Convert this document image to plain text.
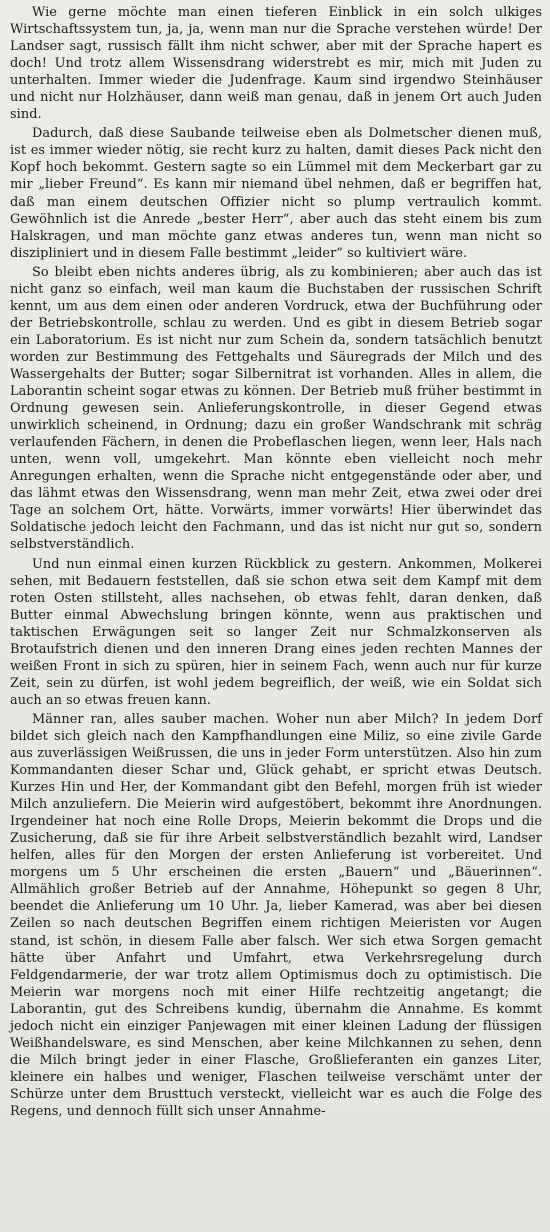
Wie gerne möchte man einen tieferen Einblick in ein solch ulkiges Wirtschaftssystem tun, ja, ja, wenn man nur die Sprache verstehen würde! Der Landser sagt, russisch fällt ihm nicht schwer, aber mit der Sprache hapert es doch! Und trotz allem Wissensdrang widerstrebt es mir, mich mit Juden zu unterhalten. Immer wieder die Judenfrage. Kaum sind irgendwo Steinhäuser und nicht nur Holzhäuser, dann weiß man genau, daß in jenem Ort auch Juden sind.

Dadurch, daß diese Saubande teilweise eben als Dolmetscher dienen muß, ist es immer wieder nötig, sie recht kurz zu halten, damit dieses Pack nicht den Kopf hoch bekommt. Gestern sagte so ein Lümmel mit dem Meckerbart gar zu mir „lieber Freund“. Es kann mir niemand übel nehmen, daß er begriffen hat, daß man einem deutschen Offizier nicht so plump vertraulich kommt. Gewöhnlich ist die Anrede „bester Herr“, aber auch das steht einem bis zum Halskragen, und man möchte ganz etwas anderes tun, wenn man nicht so diszipliniert und in diesem Falle bestimmt „leider“ so kultiviert wäre.

So bleibt eben nichts anderes übrig, als zu kombinieren; aber auch das ist nicht ganz so einfach, weil man kaum die Buchstaben der russischen Schrift kennt, um aus dem einen oder anderen Vordruck, etwa der Buchführung oder der Betriebskontrolle, schlau zu werden. Und es gibt in diesem Betrieb sogar ein Laboratorium. Es ist nicht nur zum Schein da, sondern tatsächlich benutzt worden zur Bestimmung des Fettgehalts und Säuregrads der Milch und des Wassergehalts der Butter; sogar Silbernitrat ist vorhanden. Alles in allem, die Laborantin scheint sogar etwas zu können. Der Betrieb muß früher bestimmt in Ordnung gewesen sein. Anlieferungskontrolle, in dieser Gegend etwas unwirklich scheinend, in Ordnung; dazu ein großer Wandschrank mit schräg verlaufenden Fächern, in denen die Probeflaschen liegen, wenn leer, Hals nach unten, wenn voll, umgekehrt. Man könnte eben vielleicht noch mehr Anregungen erhalten, wenn die Sprache nicht entgegenstände oder aber, und das lähmt etwas den Wissensdrang, wenn man mehr Zeit, etwa zwei oder drei Tage an solchem Ort, hätte. Vorwärts, immer vorwärts! Hier überwindet das Soldatische jedoch leicht den Fachmann, und das ist nicht nur gut so, sondern selbstverständlich.

Und nun einmal einen kurzen Rückblick zu gestern. Ankommen, Molkerei sehen, mit Bedauern feststellen, daß sie schon etwa seit dem Kampf mit dem roten Osten stillsteht, alles nachsehen, ob etwas fehlt, daran denken, daß Butter einmal Abwechslung bringen könnte, wenn aus praktischen und taktischen Erwägungen seit so langer Zeit nur Schmalzkonserven als Brotaufstrich dienen und den inneren Drang eines jeden rechten Mannes der weißen Front in sich zu spüren, hier in seinem Fach, wenn auch nur für kurze Zeit, sein zu dürfen, ist wohl jedem begreiflich, der weiß, wie ein Soldat sich auch an so etwas freuen kann.

Männer ran, alles sauber machen. Woher nun aber Milch? In jedem Dorf bildet sich gleich nach den Kampfhandlungen eine Miliz, so eine zivile Garde aus zuverlässigen Weißrussen, die uns in jeder Form unterstützen. Also hin zum Kommandanten dieser Schar und, Glück gehabt, er spricht etwas Deutsch. Kurzes Hin und Her, der Kommandant gibt den Befehl, morgen früh ist wieder Milch anzuliefern. Die Meierin wird aufgestöbert, bekommt ihre Anordnungen. Irgendeiner hat noch eine Rolle Drops, Meierin bekommt die Drops und die Zusicherung, daß sie für ihre Arbeit selbstverständlich bezahlt wird, Landser helfen, alles für den Morgen der ersten Anlieferung ist vorbereitet. Und morgens um 5 Uhr erscheinen die ersten „Bauern“ und „Bäuerinnen“. Allmählich großer Betrieb auf der Annahme, Höhepunkt so gegen 8 Uhr, beendet die Anlieferung um 10 Uhr. Ja, lieber Kamerad, was aber bei diesen Zeilen so nach deutschen Begriffen einem richtigen Meieristen vor Augen stand, ist schön, in diesem Falle aber falsch. Wer sich etwa Sorgen gemacht hätte über Anfahrt und Umfahrt, etwa Verkehrsregelung durch Feldgendarmerie, der war trotz allem Optimismus doch zu optimistisch. Die Meierin war morgens noch mit einer Hilfe rechtzeitig angetangt; die Laborantin, gut des Schreibens kundig, übernahm die Annahme. Es kommt jedoch nicht ein einziger Panjewagen mit einer kleinen Ladung der flüssigen Weißhandelsware, es sind Menschen, aber keine Milchkannen zu sehen, denn die Milch bringt jeder in einer Flasche, Großlieferanten ein ganzes Liter, kleinere ein halbes und weniger, Flaschen teilweise verschämt unter der Schürze unter dem Brusttuch versteckt, vielleicht war es auch die Folge des Regens, und dennoch füllt sich unser Annahme-
